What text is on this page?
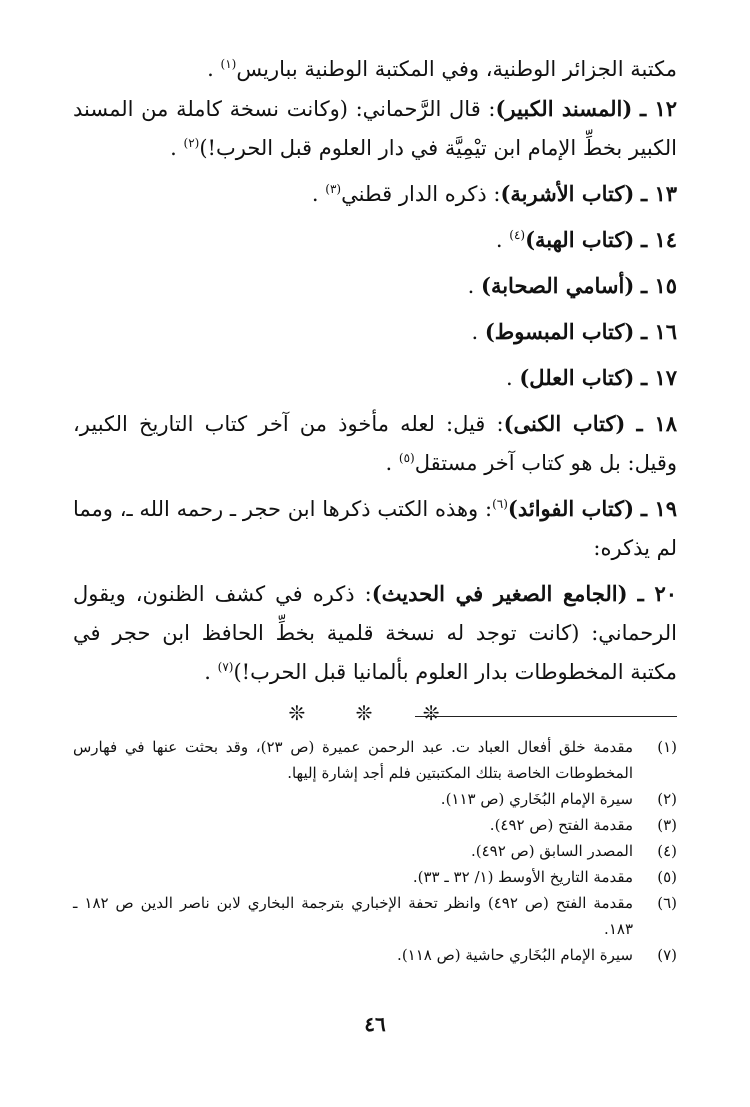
مكتبة الجزائر الوطنية، وفي المكتبة الوطنية بباريس$^{(١)}$ .

١٢ ـ (المسند الكبير): قال الرَّحماني: (وكانت نسخة كاملة من المسند الكبير بخطِّ الإمام ابن تيْمِيَّة في دار العلوم قبل الحرب!)$^{(٢)}$ .

١٣ ـ (كتاب الأشربة): ذكره الدار قطني$^{(٣)}$ .

١٤ ـ (كتاب الهبة)$^{(٤)}$ .

١٥ ـ (أسامي الصحابة) .

١٦ ـ (كتاب المبسوط) .

١٧ ـ (كتاب العلل) .

١٨ ـ (كتاب الكنى): قيل: لعله مأخوذ من آخر كتاب التاريخ الكبير، وقيل: بل هو كتاب آخر مستقل$^{(٥)}$ .

١٩ ـ (كتاب الفوائد)$^{(٦)}$: وهذه الكتب ذكرها ابن حجر ـ رحمه الله ـ، ومما لم يذكره:

٢٠ ـ (الجامع الصغير في الحديث): ذكره في كشف الظنون، ويقول الرحماني: (كانت توجد له نسخة قلمية بخطِّ الحافظ ابن حجر في مكتبة المخطوطات بدار العلوم بألمانيا قبل الحرب!)$^{(٧)}$ .

❊ ❊ ❊
(١)
مقدمة خلق أفعال العباد ت. عبد الرحمن عميرة (ص ٢٣)، وقد بحثت عنها في فهارس المخطوطات الخاصة بتلك المكتبتين فلم أجد إشارة إليها.
(٢)
سيرة الإمام البُخَاري (ص ١١٣).
(٣)
مقدمة الفتح (ص ٤٩٢).
(٤)
المصدر السابق (ص ٤٩٢).
(٥)
مقدمة التاريخ الأوسط (١/ ٣٢ ـ ٣٣).
(٦)
مقدمة الفتح (ص ٤٩٢) وانظر تحفة الإخباري بترجمة البخاري لابن ناصر الدين ص ١٨٢ ـ ١٨٣.
(٧)
سيرة الإمام البُخَاري حاشية (ص ١١٨).
٤٦
